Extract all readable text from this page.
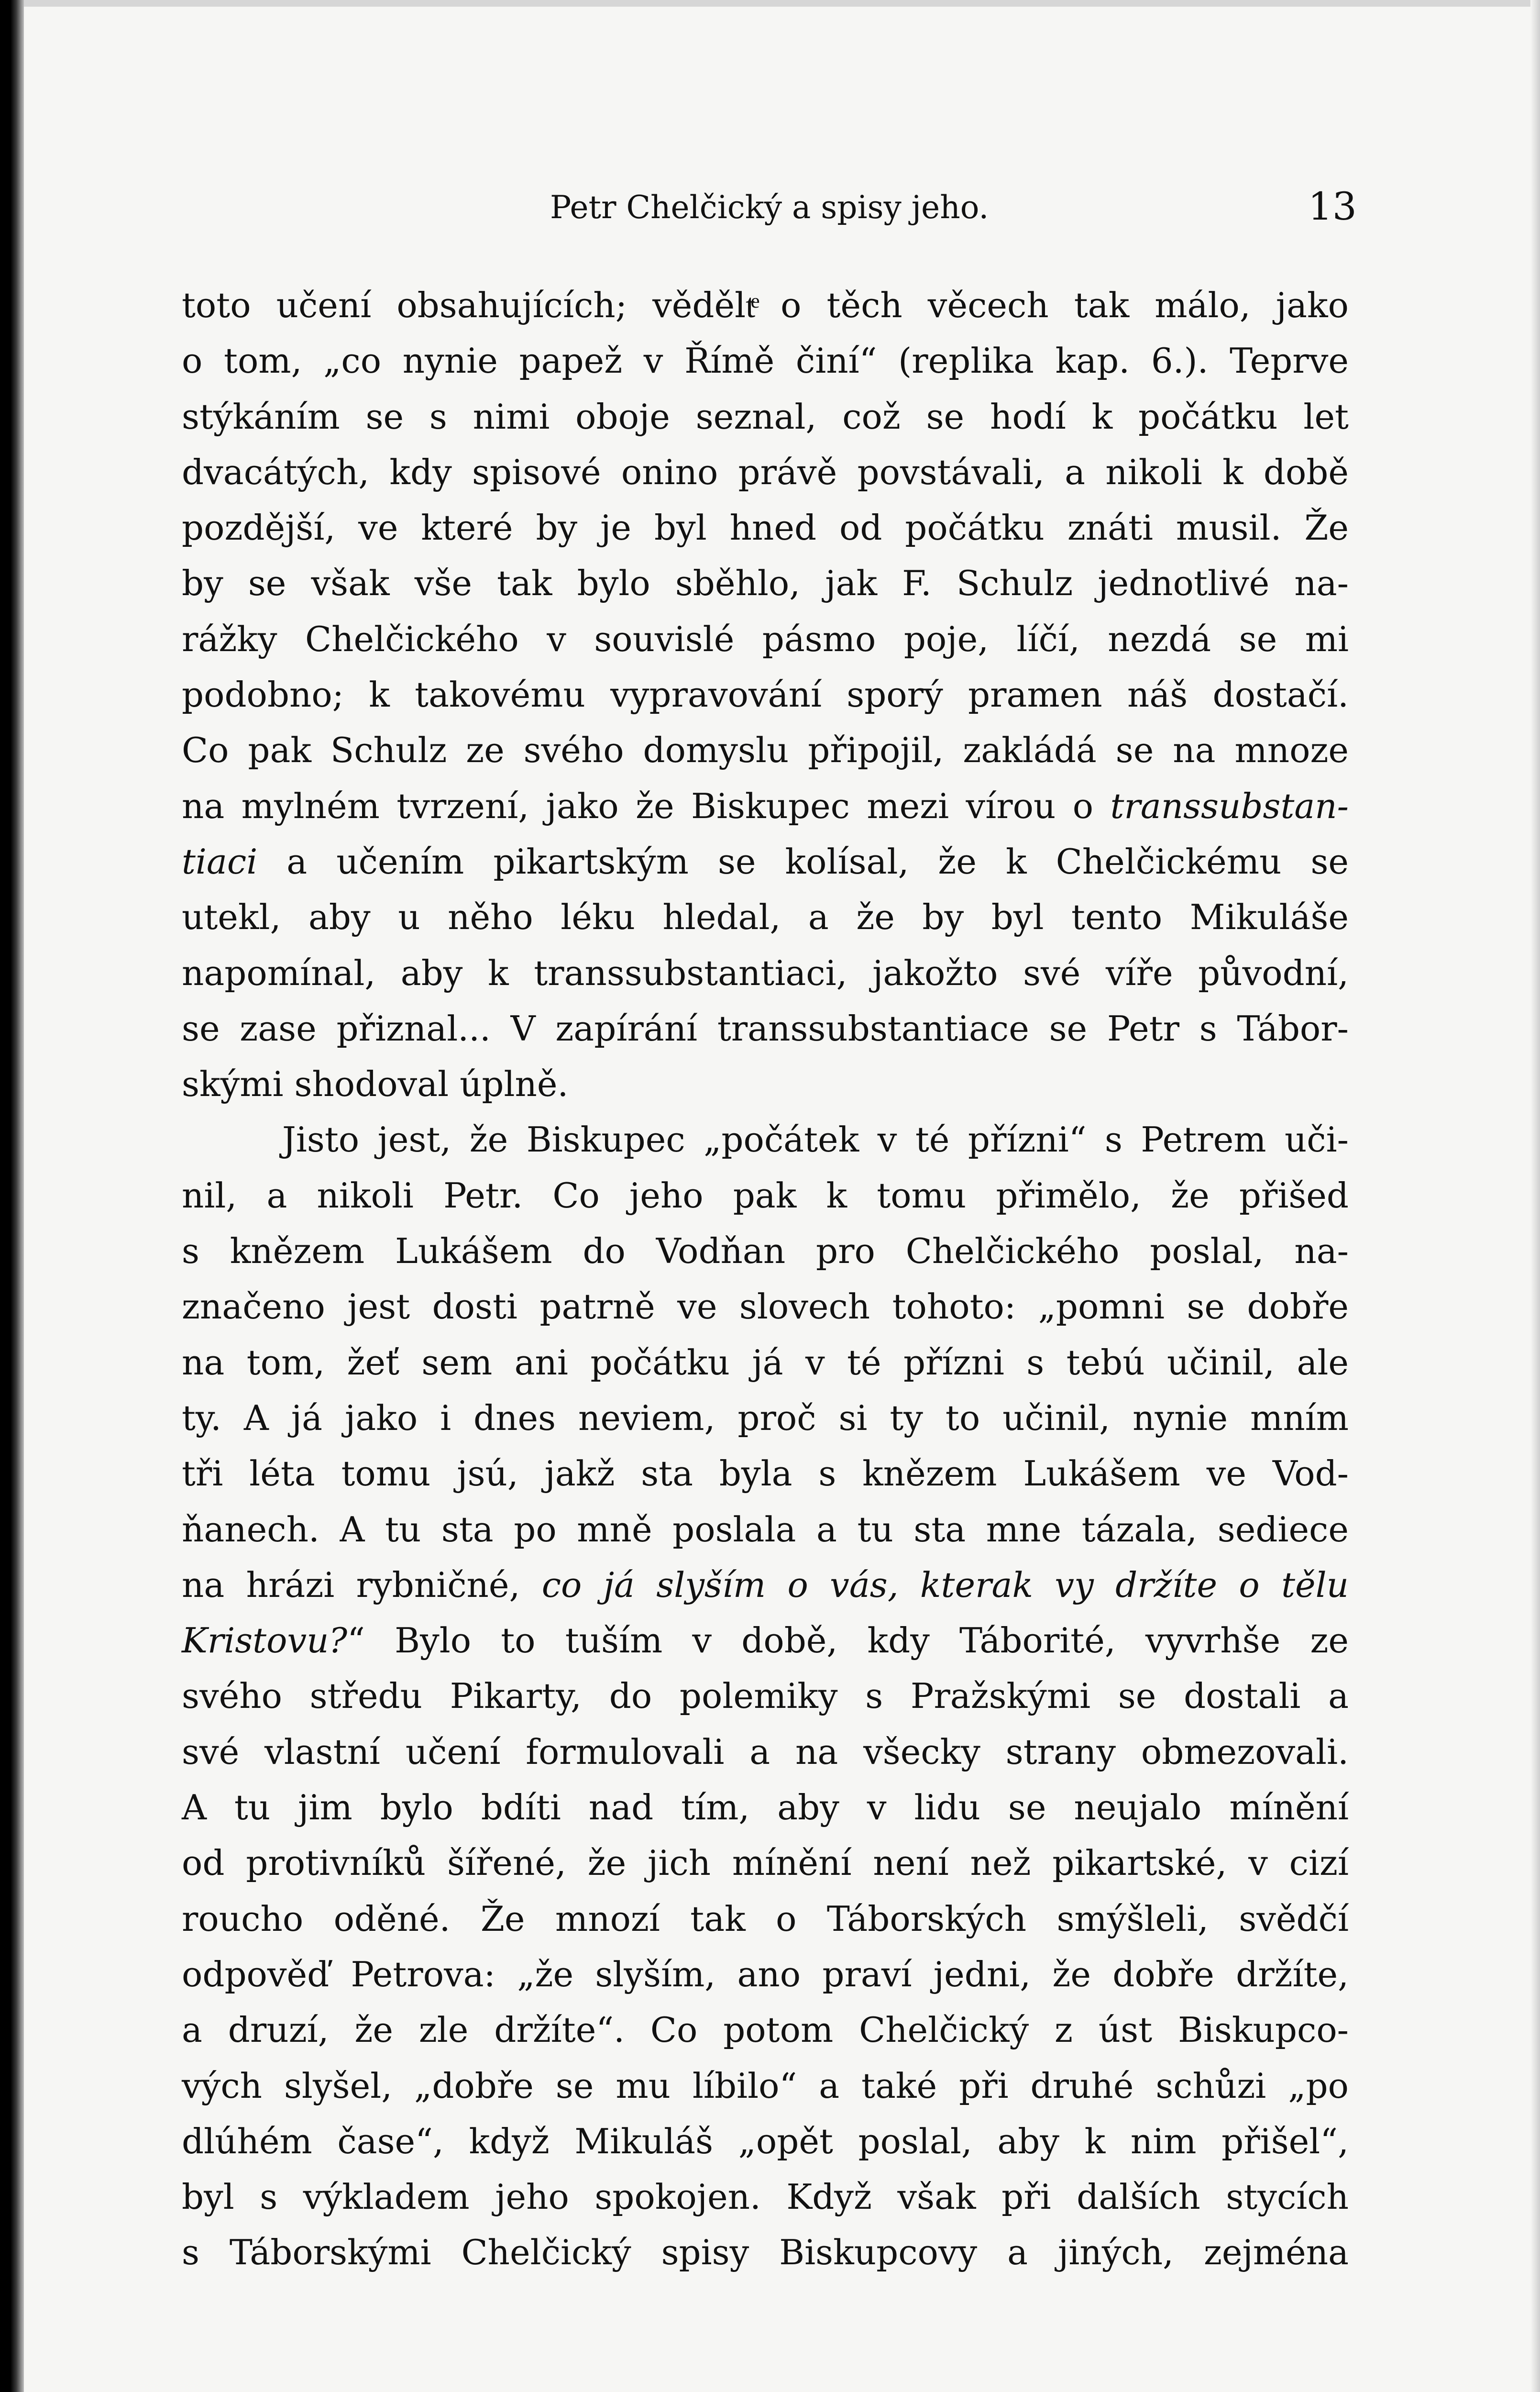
Petr Chelčický a spisy jeho.	13
toto učení obsahujících; věděltͤ o těch věcech tak málo, jako
o tom, „co nynie papež v Římě činí“ (replika kap. 6.). Teprve
stýkáním se s nimi oboje seznal, což se hodí k počátku let
dvacátých, kdy spisové onino právě povstávali, a nikoli k době
pozdější, ve které by je byl hned od počátku znáti musil. Že
by se však vše tak bylo sběhlo, jak F. Schulz jednotlivé na-
rážky Chelčického v souvislé pásmo poje, líčí, nezdá se mi
podobno; k takovému vypravování sporý pramen náš dostačí.
Co pak Schulz ze svého domyslu připojil, zakládá se na mnoze
na mylném tvrzení, jako že Biskupec mezi vírou o transsubstan-
tiaci a učením pikartským se kolísal, že k Chelčickému se
utekl, aby u něho léku hledal, a že by byl tento Mikuláše
napomínal, aby k transsubstantiaci, jakožto své víře původní,
se zase přiznal... V zapírání transsubstantiace se Petr s Tábor-
skými shodoval úplně.
Jisto jest, že Biskupec „počátek v té přízni“ s Petrem uči-
nil, a nikoli Petr. Co jeho pak k tomu přimělo, že přišed
s knězem Lukášem do Vodňan pro Chelčického poslal, na-
značeno jest dosti patrně ve slovech tohoto: „pomni se dobře
na tom, žeť sem ani počátku já v té přízni s tebú učinil, ale
ty. A já jako i dnes neviem, proč si ty to učinil, nynie mním
tři léta tomu jsú, jakž sta byla s knězem Lukášem ve Vod-
ňanech. A tu sta po mně poslala a tu sta mne tázala, sediece
na hrázi rybničné, co já slyším o vás, kterak vy držíte o tělu
Kristovu?“ Bylo to tuším v době, kdy Táborité, vyvrhše ze
svého středu Pikarty, do polemiky s Pražskými se dostali a
své vlastní učení formulovali a na všecky strany obmezovali.
A tu jim bylo bdíti nad tím, aby v lidu se neujalo mínění
od protivníků šířené, že jich mínění není než pikartské, v cizí
roucho oděné. Že mnozí tak o Táborských smýšleli, svědčí
odpověď Petrova: „že slyším, ano praví jedni, že dobře držíte,
a druzí, že zle držíte“. Co potom Chelčický z úst Biskupco-
vých slyšel, „dobře se mu líbilo“ a také při druhé schůzi „po
dlúhém čase“, když Mikuláš „opět poslal, aby k nim přišel“,
byl s výkladem jeho spokojen. Když však při dalších stycích
s Táborskými Chelčický spisy Biskupcovy a jiných, zejména
